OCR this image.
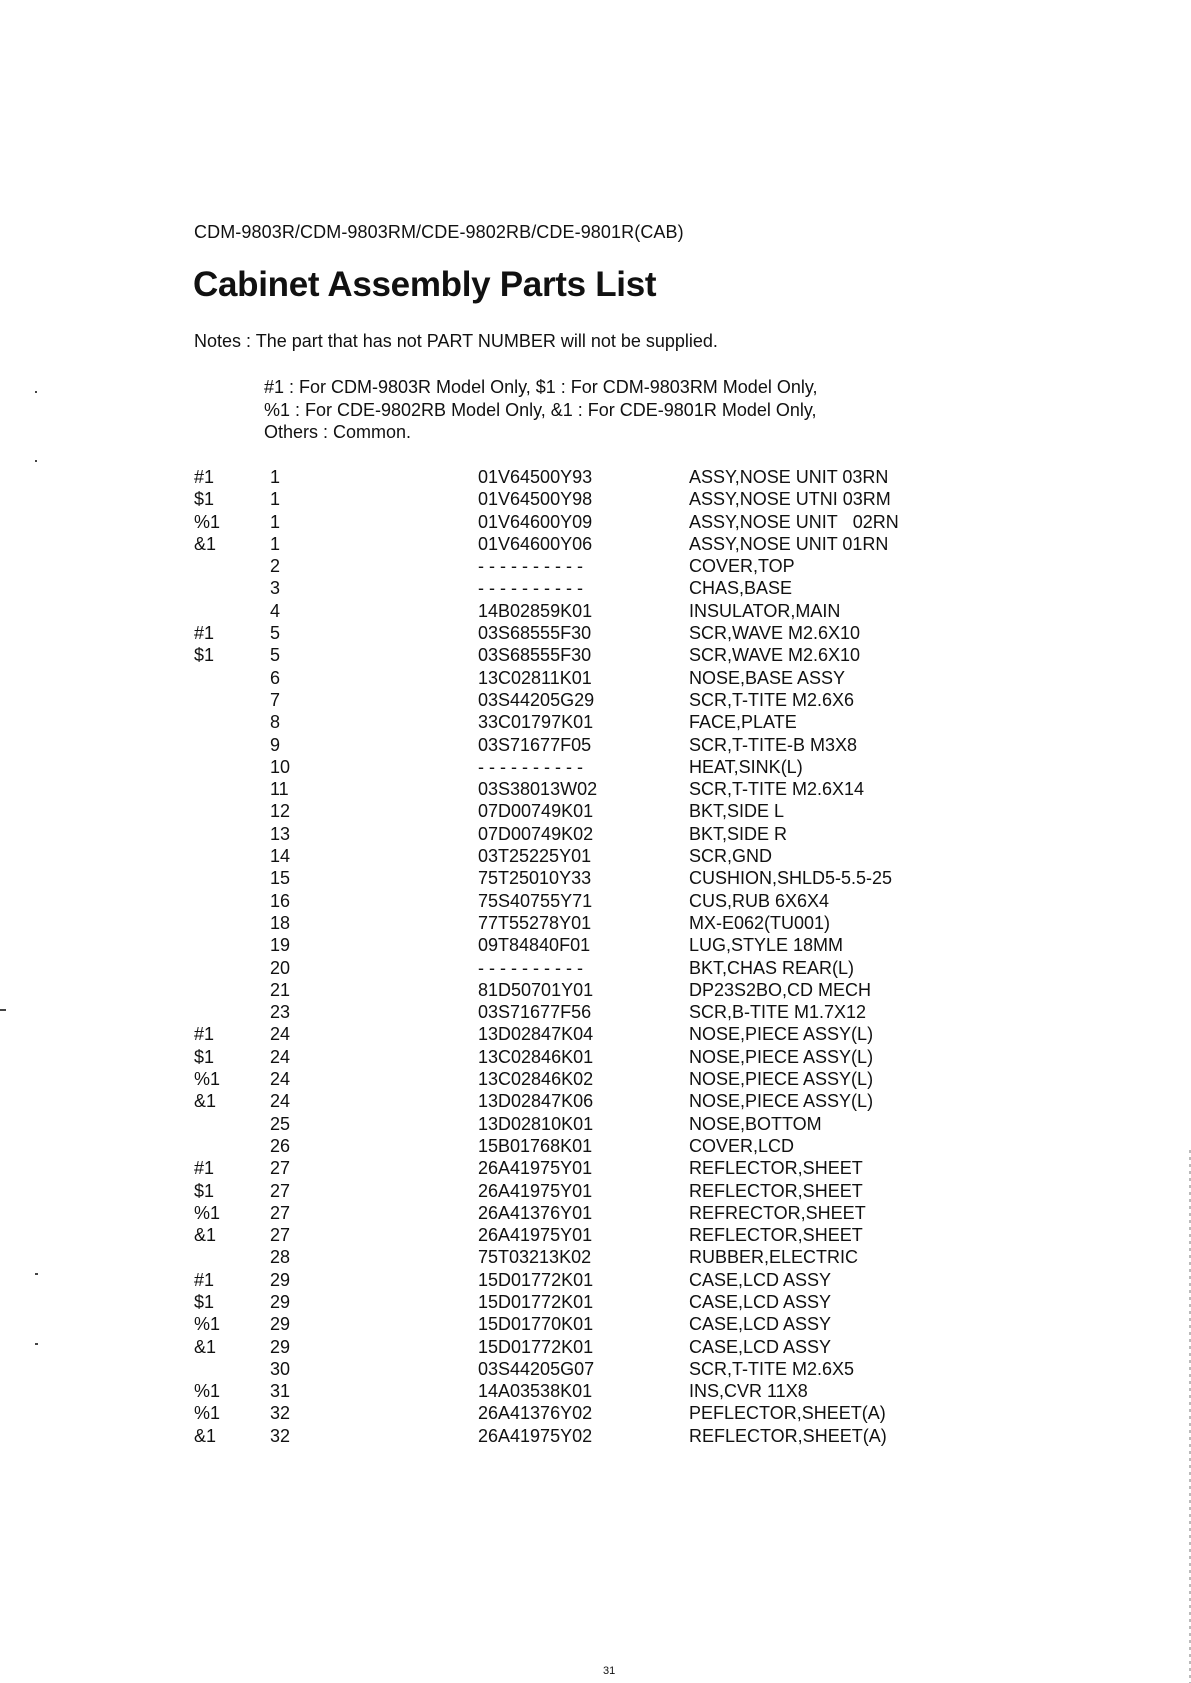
CDM-9803R/CDM-9803RM/CDE-9802RB/CDE-9801R(CAB)
Cabinet Assembly Parts List
Notes : The part that has not PART NUMBER will not be supplied.
#1 : For CDM-9803R Model Only, $1 : For CDM-9803RM Model Only,
%1 : For CDE-9802RB Model Only, &1 : For CDE-9801R Model Only,
Others : Common.
#1	1	01V64500Y93	ASSY,NOSE UNIT 03RN
$1	1	01V64500Y98	ASSY,NOSE UTNI 03RM
%1	1	01V64600Y09	ASSY,NOSE UNIT   02RN
&1	1	01V64600Y06	ASSY,NOSE UNIT 01RN
	2	- - - - - - - - - -	COVER,TOP
	3	- - - - - - - - - -	CHAS,BASE
	4	14B02859K01	INSULATOR,MAIN
#1	5	03S68555F30	SCR,WAVE M2.6X10
$1	5	03S68555F30	SCR,WAVE M2.6X10
	6	13C02811K01	NOSE,BASE ASSY
	7	03S44205G29	SCR,T-TITE M2.6X6
	8	33C01797K01	FACE,PLATE
	9	03S71677F05	SCR,T-TITE-B M3X8
	10	- - - - - - - - - -	HEAT,SINK(L)
	11	03S38013W02	SCR,T-TITE M2.6X14
	12	07D00749K01	BKT,SIDE L
	13	07D00749K02	BKT,SIDE R
	14	03T25225Y01	SCR,GND
	15	75T25010Y33	CUSHION,SHLD5-5.5-25
	16	75S40755Y71	CUS,RUB 6X6X4
	18	77T55278Y01	MX-E062(TU001)
	19	09T84840F01	LUG,STYLE 18MM
	20	- - - - - - - - - -	BKT,CHAS REAR(L)
	21	81D50701Y01	DP23S2BO,CD MECH
	23	03S71677F56	SCR,B-TITE M1.7X12
#1	24	13D02847K04	NOSE,PIECE ASSY(L)
$1	24	13C02846K01	NOSE,PIECE ASSY(L)
%1	24	13C02846K02	NOSE,PIECE ASSY(L)
&1	24	13D02847K06	NOSE,PIECE ASSY(L)
	25	13D02810K01	NOSE,BOTTOM
	26	15B01768K01	COVER,LCD
#1	27	26A41975Y01	REFLECTOR,SHEET
$1	27	26A41975Y01	REFLECTOR,SHEET
%1	27	26A41376Y01	REFRECTOR,SHEET
&1	27	26A41975Y01	REFLECTOR,SHEET
	28	75T03213K02	RUBBER,ELECTRIC
#1	29	15D01772K01	CASE,LCD ASSY
$1	29	15D01772K01	CASE,LCD ASSY
%1	29	15D01770K01	CASE,LCD ASSY
&1	29	15D01772K01	CASE,LCD ASSY
	30	03S44205G07	SCR,T-TITE M2.6X5
%1	31	14A03538K01	INS,CVR 11X8
%1	32	26A41376Y02	PEFLECTOR,SHEET(A)
&1	32	26A41975Y02	REFLECTOR,SHEET(A)
31
